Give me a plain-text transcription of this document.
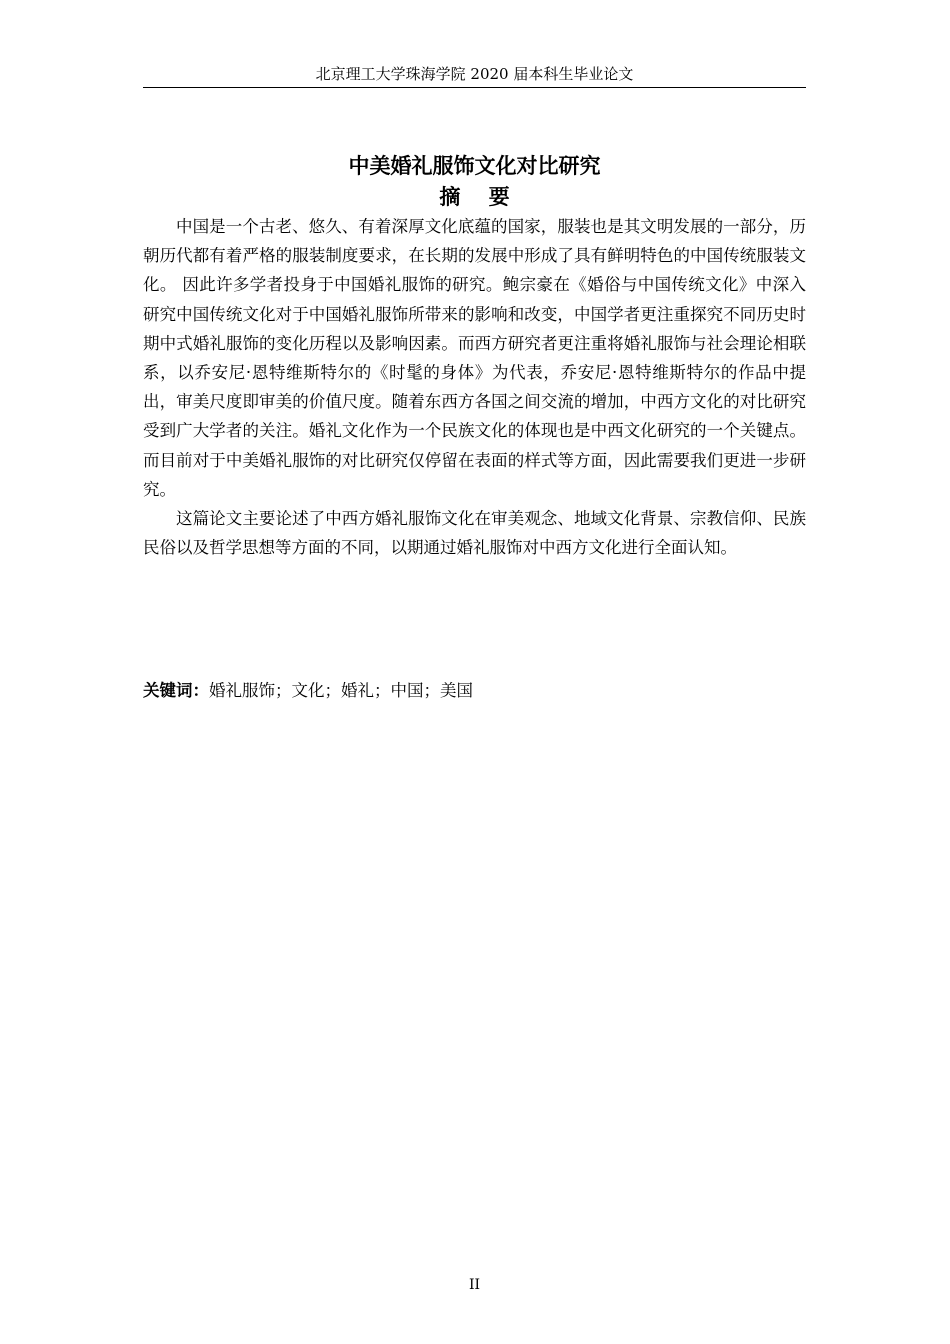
北京理工大学珠海学院 2020 届本科生毕业论文
中美婚礼服饰文化对比研究
摘 要

中国是一个古老、悠久、有着深厚文化底蕴的国家，服装也是其文明发展的一部分，历朝历代都有着严格的服装制度要求，在长期的发展中形成了具有鲜明特色的中国传统服装文化。 因此许多学者投身于中国婚礼服饰的研究。鲍宗豪在《婚俗与中国传统文化》中深入研究中国传统文化对于中国婚礼服饰所带来的影响和改变，中国学者更注重探究不同历史时期中式婚礼服饰的变化历程以及影响因素。而西方研究者更注重将婚礼服饰与社会理论相联系，以乔安尼·恩特维斯特尔的《时髦的身体》为代表，乔安尼·恩特维斯特尔的作品中提出，审美尺度即审美的价值尺度。随着东西方各国之间交流的增加，中西方文化的对比研究受到广大学者的关注。婚礼文化作为一个民族文化的体现也是中西文化研究的一个关键点。而目前对于中美婚礼服饰的对比研究仅停留在表面的样式等方面，因此需要我们更进一步研究。

这篇论文主要论述了中西方婚礼服饰文化在审美观念、地域文化背景、宗教信仰、民族民俗以及哲学思想等方面的不同，以期通过婚礼服饰对中西方文化进行全面认知。

关键词：婚礼服饰；文化；婚礼；中国；美国
II
